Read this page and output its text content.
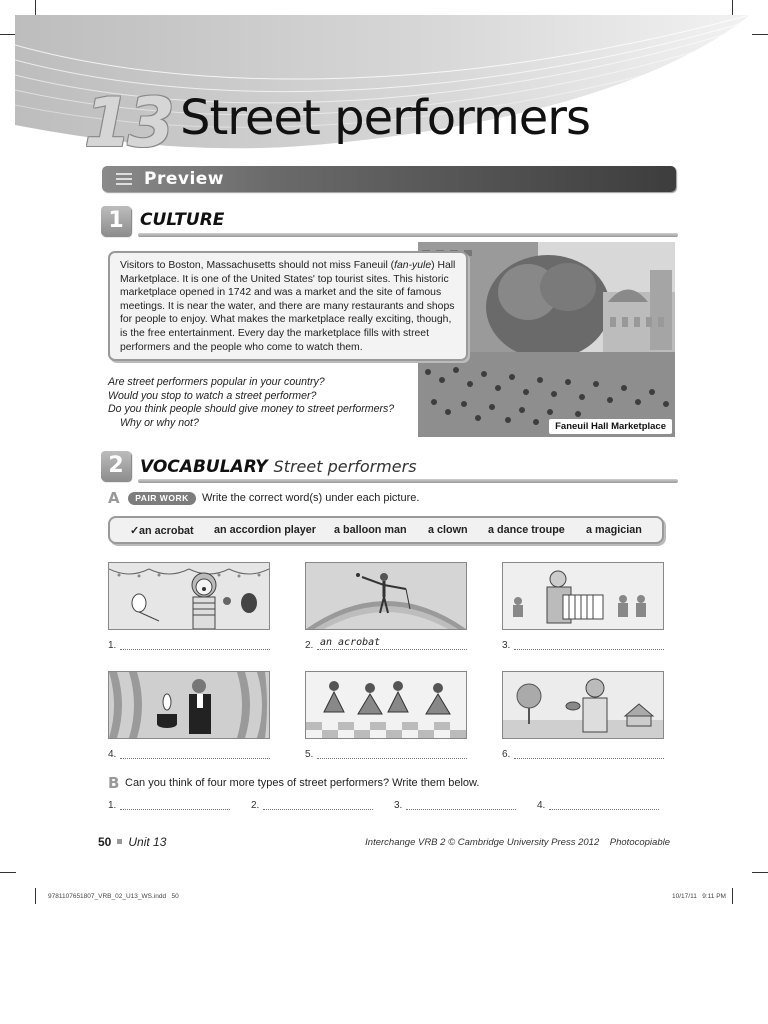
13 Street performers
Preview
1 CULTURE
Visitors to Boston, Massachusetts should not miss Faneuil (fan-yule) Hall Marketplace. It is one of the United States' top tourist sites. This historic marketplace opened in 1742 and was a market and the site of famous meetings. It is near the water, and there are many restaurants and shops for people to enjoy. What makes the marketplace really exciting, though, is the free entertainment. Every day the marketplace fills with street performers and the people who come to watch them.
Faneuil Hall Marketplace
Are street performers popular in your country?
Would you stop to watch a street performer?
Do you think people should give money to street performers?
Why or why not?
2 VOCABULARY Street performers
A	PAIR WORK	Write the correct word(s) under each picture.
✓an acrobat an accordion player a balloon man a clown a dance troupe a magician
1.	2. an acrobat	3.
4.	5.	6.
B Can you think of four more types of street performers? Write them below.
1.	2.	3.	4.
50 Unit 13	Interchange VRB 2 © Cambridge University Press 2012    Photocopiable
9781107651807_VRB_02_U13_WS.indd   50	10/17/11   9:11 PM
